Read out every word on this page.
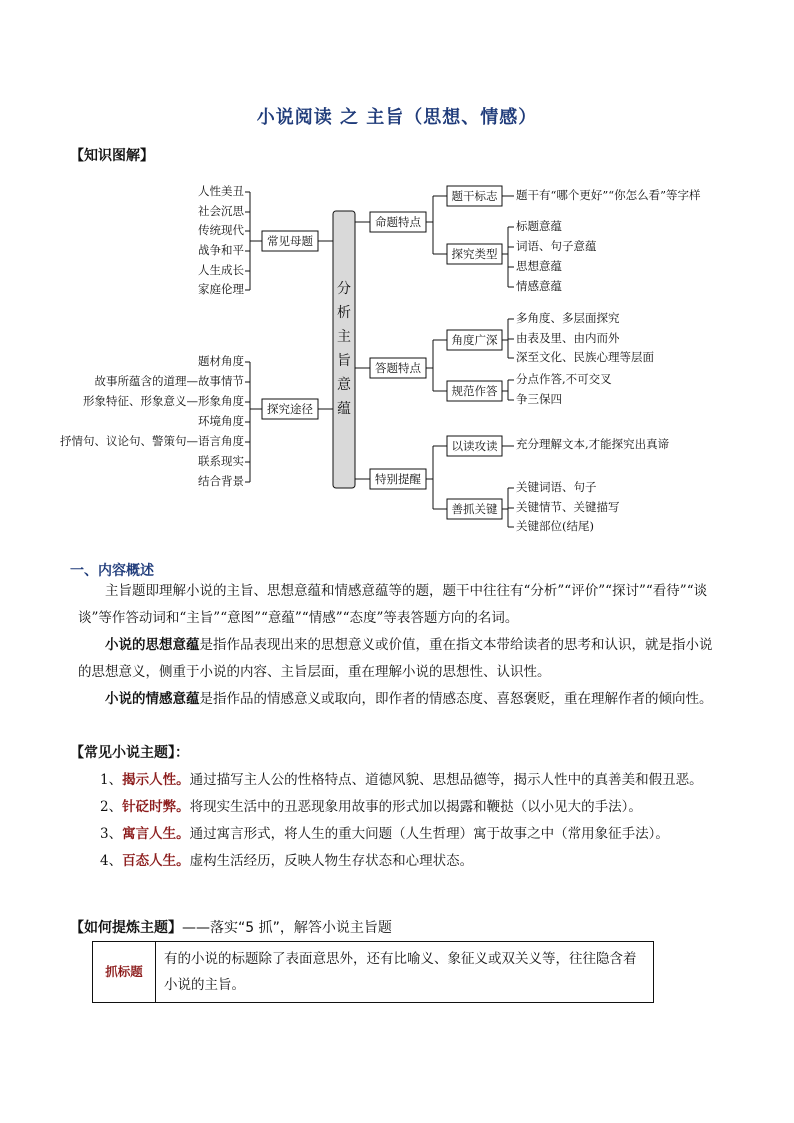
小说阅读 之 主旨（思想、情感）
【知识图解】
分
析
主
旨
意
蕴
常见母题
人性美丑
社会沉思
传统现代
战争和平
人生成长
家庭伦理
探究途径
题材角度
故事所蕴含的道理—故事情节
形象特征、形象意义—形象角度
环境角度
抒情句、议论句、警策句—语言角度
联系现实
结合背景
命题特点
题干标志 题干有“哪个更好”“你怎么看”等字样
探究类型
标题意蕴
词语、句子意蕴
思想意蕴
情感意蕴
答题特点
角度广深
多角度、多层面探究
由表及里、由内而外
深至文化、民族心理等层面
规范作答
分点作答,不可交叉
争三保四
特别提醒
以读攻读 充分理解文本,才能探究出真谛
善抓关键
关键词语、句子
关键情节、关键描写
关键部位(结尾)
一、内容概述
主旨题即理解小说的主旨、思想意蕴和情感意蕴等的题，题干中往往有“分析”“评价”“探讨”“看待”“谈谈”等作答动词和“主旨”“意图”“意蕴”“情感”“态度”等表答题方向的名词。
小说的思想意蕴是指作品表现出来的思想意义或价值，重在指文本带给读者的思考和认识，就是指小说的思想意义，侧重于小说的内容、主旨层面，重在理解小说的思想性、认识性。
小说的情感意蕴是指作品的情感意义或取向，即作者的情感态度、喜怒褒贬，重在理解作者的倾向性。
【常见小说主题】：
1、揭示人性。通过描写主人公的性格特点、道德风貌、思想品德等，揭示人性中的真善美和假丑恶。
2、针砭时弊。将现实生活中的丑恶现象用故事的形式加以揭露和鞭挞（以小见大的手法）。
3、寓言人生。通过寓言形式，将人生的重大问题（人生哲理）寓于故事之中（常用象征手法）。
4、百态人生。虚构生活经历，反映人物生存状态和心理状态。
【如何提炼主题】——落实“5 抓”，解答小说主旨题
抓标题	有的小说的标题除了表面意思外，还有比喻义、象征义或双关义等，往往隐含着小说的主旨。
